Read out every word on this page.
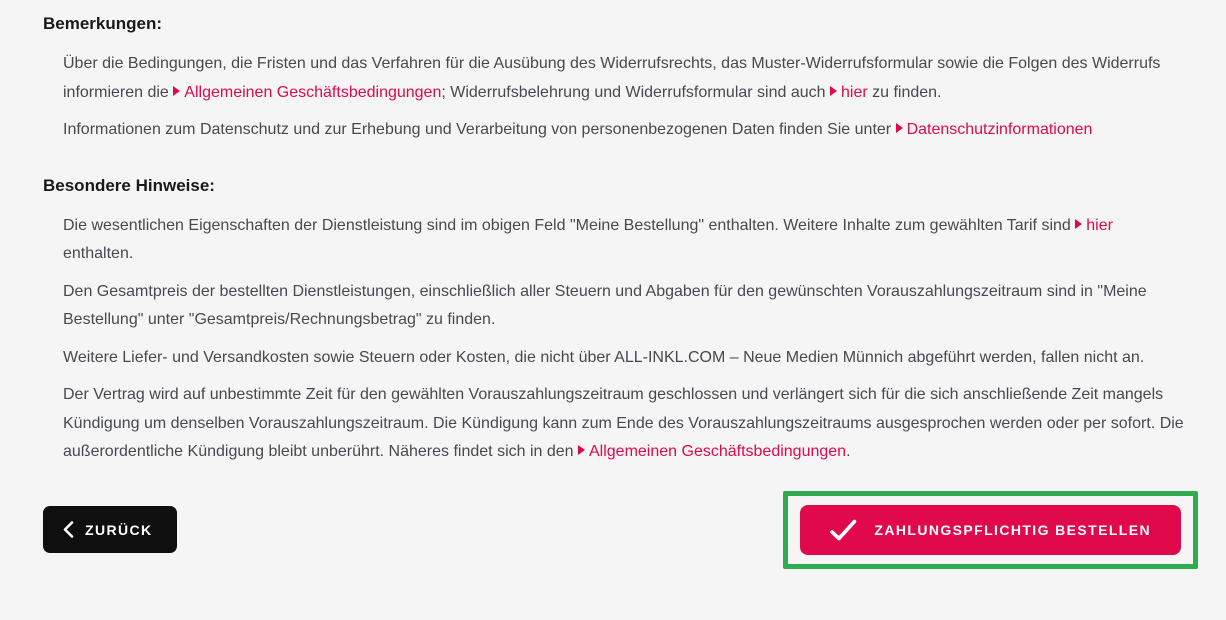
Bemerkungen:

Über die Bedingungen, die Fristen und das Verfahren für die Ausübung des Widerrufsrechts, das Muster-Widerrufsformular sowie die Folgen des Widerrufs informieren die Allgemeinen Geschäftsbedingungen; Widerrufsbelehrung und Widerrufsformular sind auch hier zu finden.

Informationen zum Datenschutz und zur Erhebung und Verarbeitung von personenbezogenen Daten finden Sie unter Datenschutzinformationen

Besondere Hinweise:

Die wesentlichen Eigenschaften der Dienstleistung sind im obigen Feld "Meine Bestellung" enthalten. Weitere Inhalte zum gewählten Tarif sind hier enthalten.

Den Gesamtpreis der bestellten Dienstleistungen, einschließlich aller Steuern und Abgaben für den gewünschten Vorauszahlungszeitraum sind in "Meine Bestellung" unter "Gesamtpreis/Rechnungsbetrag" zu finden.

Weitere Liefer- und Versandkosten sowie Steuern oder Kosten, die nicht über ALL-INKL.COM – Neue Medien Münnich abgeführt werden, fallen nicht an.

Der Vertrag wird auf unbestimmte Zeit für den gewählten Vorauszahlungszeitraum geschlossen und verlängert sich für die sich anschließende Zeit mangels Kündigung um denselben Vorauszahlungszeitraum. Die Kündigung kann zum Ende des Vorauszahlungszeitraums ausgesprochen werden oder per sofort. Die außerordentliche Kündigung bleibt unberührt. Näheres findet sich in den Allgemeinen Geschäftsbedingungen.

ZURÜCK	ZAHLUNGSPFLICHTIG BESTELLEN
